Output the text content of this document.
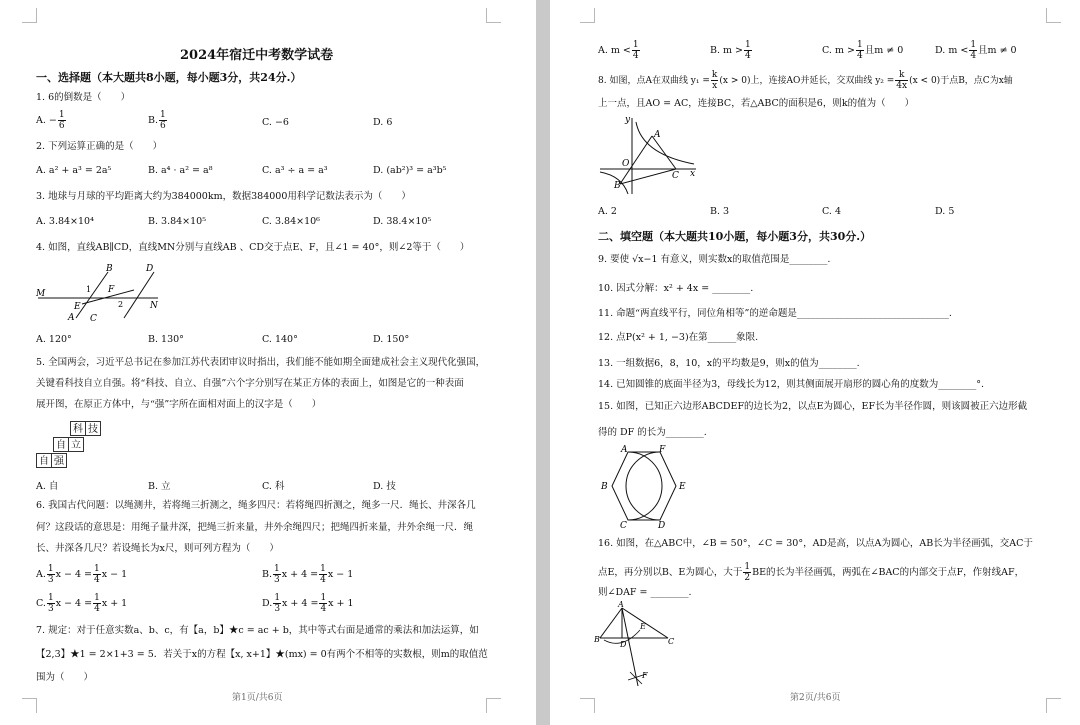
2024年宿迁中考数学试卷
一、选择题（本大题共8小题，每小题3分，共24分.）
1. 6的倒数是（　　）
A. − $\frac{1}{6}$	B. $\frac{1}{6}$	C. −6	D. 6
2. 下列运算正确的是（　　）
A. a² + a³ = 2a⁵	B. a⁴ · a² = a⁸	C. a³ ÷ a = a³	D. (ab²)³ = a³b⁵
3. 地球与月球的平均距离大约为384000km，数据384000用科学记数法表示为（　　）
A. 3.84×10⁴	B. 3.84×10⁵	C. 3.84×10⁶	D. 38.4×10⁵
4. 如图，直线AB∥CD，直线MN分别与直线AB 、CD交于点E、F，且∠1 = 40°，则∠2等于（　　）
B	D
M
E
F
N
A C
1
2
A. 120°	B. 130°	C. 140°	D. 150°
5. 全国两会，习近平总书记在参加江苏代表团审议时指出，我们能不能如期全面建成社会主义现代化强国，
关键看科技自立自强。将“科技、自立、自强”六个字分别写在某正方体的表面上，如图是它的一种表面
展开图，在原正方体中，与“强”字所在面相对面上的汉字是（　　）
科 技
自 立
自 强
A. 自	B. 立	C. 科	D. 技
6. 我国古代问题：以绳测井，若将绳三折测之，绳多四尺：若将绳四折测之，绳多一尺．绳长、井深各几
何？这段话的意思是：用绳子量井深，把绳三折来量，井外余绳四尺；把绳四折来量，井外余绳一尺．绳
长、井深各几尺？若设绳长为x尺，则可列方程为（　　）
A. $\frac{1}{3}$ $x - 4 = \frac{1}{4}$ x − 1	B. $\frac{1}{3}$ $x + 4 = \frac{1}{4}$ x − 1
C. $\frac{1}{3}$ $x - 4 = \frac{1}{4}$ x + 1	D. $\frac{1}{3}$ $x + 4 = \frac{1}{4}$ x + 1
7. 规定：对于任意实数a、b、c，有【a，b】★c = ac + b，其中等式右面是通常的乘法和加法运算，如
【2,3】★1 = 2×1+3 = 5．若关于x的方程【x, x+1】★(mx) = 0有两个不相等的实数根，则m的取值范
围为（　　）
第1页/共6页
A. $m < \frac{1}{4}$	B. $m > \frac{1}{4}$	C. $m > \frac{1}{4}$ 且m ≠ 0	D. $m < \frac{1}{4}$ 且m ≠ 0
8. 如图，点A在双曲线 $y_1 = \frac{k}{x} (x > 0)$上，连接AO并延长，交双曲线 $y_2 = \frac{k}{4x} (x < 0)$于点B，点C为x轴
上一点，且AO = AC，连接BC，若△ABC的面积是6，则k的值为（　　）
y
x
A
O
B
C
A. 2	B. 3	C. 4	D. 5
二、填空题（本大题共10小题，每小题3分，共30分.）
9. 要使 √x−1 有意义，则实数x的取值范围是________.
10. 因式分解：x² + 4x = ________.
11. 命题“两直线平行，同位角相等”的逆命题是________________________________.
12. 点P(x² + 1, −3)在第______象限.
13. 一组数据6，8，10，x的平均数是9，则x的值为________.
14. 已知圆锥的底面半径为3，母线长为12，则其侧面展开扇形的圆心角的度数为________°.
15. 如图，已知正六边形ABCDEF的边长为2，以点E为圆心，EF长为半径作圆，则该圆被正六边形截
得的 DF 的长为________.
A	F
B	E
C	D
16. 如图，在△ABC中，∠B = 50°，∠C = 30°，AD是高，以点A为圆心，AB长为半径画弧，交AC于
点E，再分别以B、E为圆心，大于 $\frac{1}{2}$ BE的长为半径画弧，两弧在∠BAC的内部交于点F，作射线AF，
则∠DAF = ________.
A
B
D
E
C
F
第2页/共6页
